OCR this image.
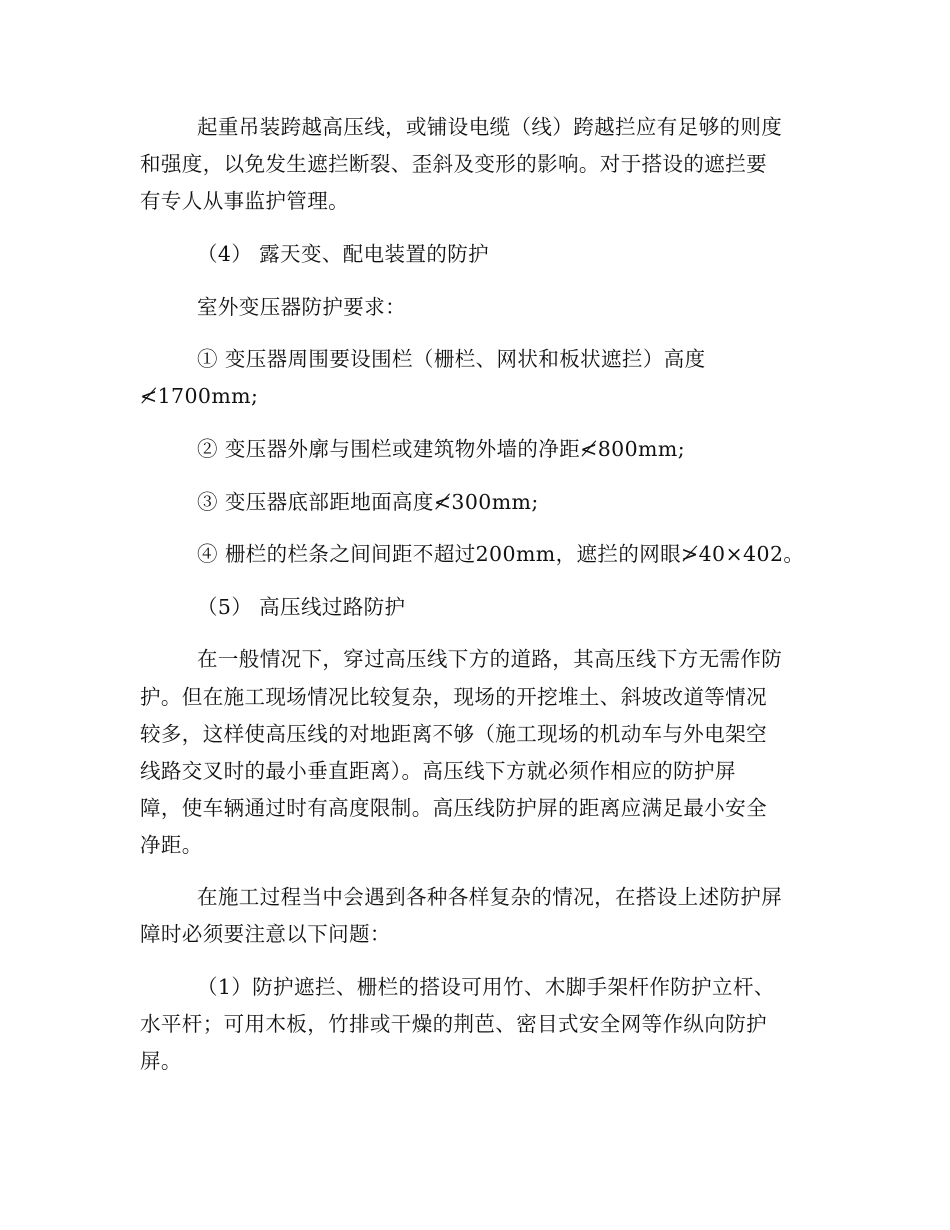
起重吊装跨越高压线，或铺设电缆（线）跨越拦应有足够的则度
和强度，以免发生遮拦断裂、歪斜及变形的影响。对于搭设的遮拦要
有专人从事监护管理。
（4） 露天变、配电装置的防护
室外变压器防护要求：
① 变压器周围要设围栏（栅栏、网状和板状遮拦）高度
≮1700mm;
② 变压器外廓与围栏或建筑物外墙的净距≮800mm;
③ 变压器底部距地面高度≮300mm;
④ 栅栏的栏条之间间距不超过200mm，遮拦的网眼≯40×402。
（5） 高压线过路防护
在一般情况下，穿过高压线下方的道路，其高压线下方无需作防
护。但在施工现场情况比较复杂，现场的开挖堆土、斜坡改道等情况
较多，这样使高压线的对地距离不够（施工现场的机动车与外电架空
线路交叉时的最小垂直距离）。高压线下方就必须作相应的防护屏
障，使车辆通过时有高度限制。高压线防护屏的距离应满足最小安全
净距。
在施工过程当中会遇到各种各样复杂的情况，在搭设上述防护屏
障时必须要注意以下问题：
（1）防护遮拦、栅栏的搭设可用竹、木脚手架杆作防护立杆、
水平杆；可用木板，竹排或干燥的荆芭、密目式安全网等作纵向防护
屏。
